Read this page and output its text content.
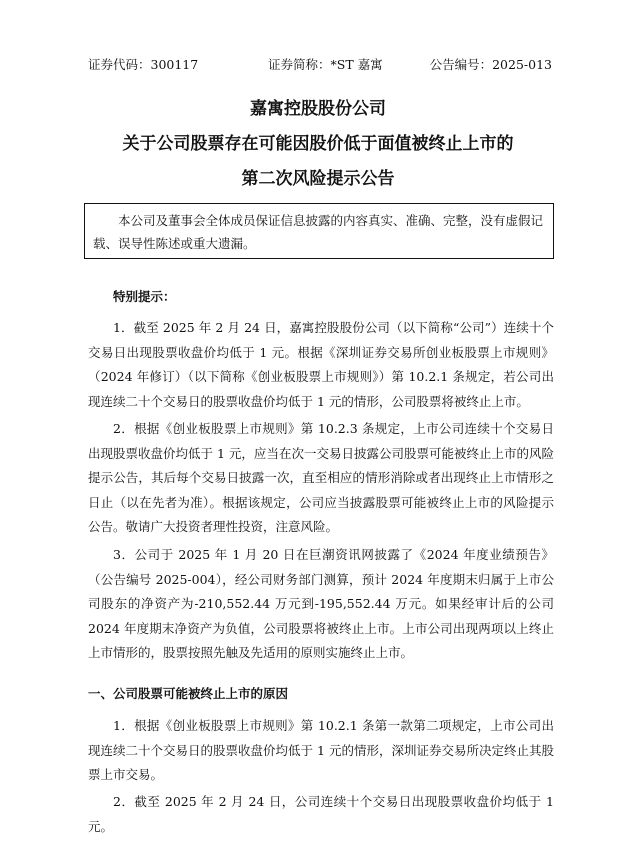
证券代码：300117	证券简称：*ST 嘉寓	公告编号：2025-013
嘉寓控股股份公司
关于公司股票存在可能因股价低于面值被终止上市的
第二次风险提示公告

本公司及董事会全体成员保证信息披露的内容真实、准确、完整，没有虚假记载、误导性陈述或重大遗漏。

特别提示：

1．截至 2025 年 2 月 24 日，嘉寓控股股份公司（以下简称“公司”）连续十个交易日出现股票收盘价均低于 1 元。根据《深圳证券交易所创业板股票上市规则》（2024 年修订）（以下简称《创业板股票上市规则》）第 10.2.1 条规定，若公司出现连续二十个交易日的股票收盘价均低于 1 元的情形，公司股票将被终止上市。

2．根据《创业板股票上市规则》第 10.2.3 条规定，上市公司连续十个交易日出现股票收盘价均低于 1 元，应当在次一交易日披露公司股票可能被终止上市的风险提示公告，其后每个交易日披露一次，直至相应的情形消除或者出现终止上市情形之日止（以在先者为准）。根据该规定，公司应当披露股票可能被终止上市的风险提示公告。敬请广大投资者理性投资，注意风险。

3．公司于 2025 年 1 月 20 日在巨潮资讯网披露了《2024 年度业绩预告》（公告编号 2025-004），经公司财务部门测算，预计 2024 年度期末归属于上市公司股东的净资产为-210,552.44 万元到-195,552.44 万元。如果经审计后的公司 2024 年度期末净资产为负值，公司股票将被终止上市。上市公司出现两项以上终止上市情形的，股票按照先触及先适用的原则实施终止上市。

一、公司股票可能被终止上市的原因

1．根据《创业板股票上市规则》第 10.2.1 条第一款第二项规定，上市公司出现连续二十个交易日的股票收盘价均低于 1 元的情形，深圳证券交易所决定终止其股票上市交易。

2．截至 2025 年 2 月 24 日，公司连续十个交易日出现股票收盘价均低于 1 元。
